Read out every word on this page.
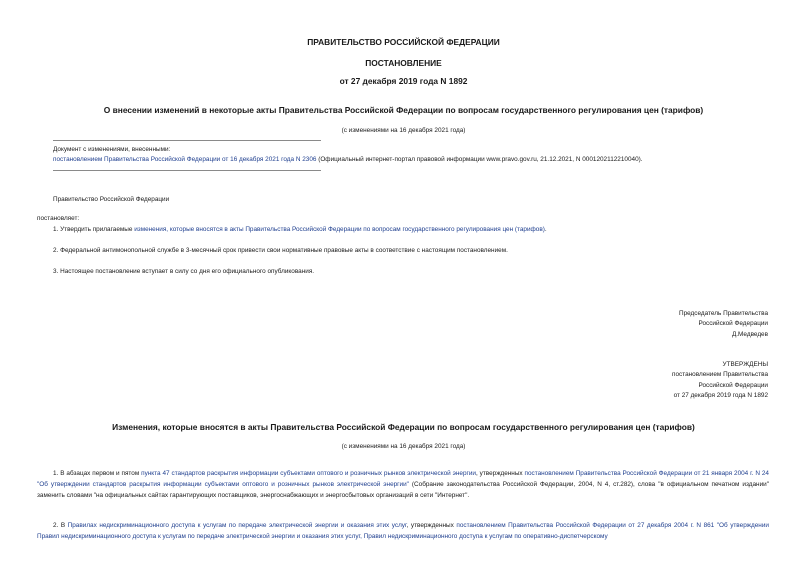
ПРАВИТЕЛЬСТВО РОССИЙСКОЙ ФЕДЕРАЦИИ
ПОСТАНОВЛЕНИЕ
от 27 декабря 2019 года N 1892
О внесении изменений в некоторые акты Правительства Российской Федерации по вопросам государственного регулирования цен (тарифов)
(с изменениями на 16 декабря 2021 года)
Документ с изменениями, внесенными:
постановлением Правительства Российской Федерации от 16 декабря 2021 года N 2306 (Официальный интернет-портал правовой информации www.pravo.gov.ru, 21.12.2021, N 0001202112210040).
Правительство Российской Федерации
постановляет:
1. Утвердить прилагаемые изменения, которые вносятся в акты Правительства Российской Федерации по вопросам государственного регулирования цен (тарифов).
2. Федеральной антимонопольной службе в 3-месячный срок привести свои нормативные правовые акты в соответствие с настоящим постановлением.
3. Настоящее постановление вступает в силу со дня его официального опубликования.
Председатель Правительства
Российской Федерации
Д.Медведев
УТВЕРЖДЕНЫ
постановлением Правительства
Российской Федерации
от 27 декабря 2019 года N 1892
Изменения, которые вносятся в акты Правительства Российской Федерации по вопросам государственного регулирования цен (тарифов)
(с изменениями на 16 декабря 2021 года)
1. В абзацах первом и пятом пункта 47 стандартов раскрытия информации субъектами оптового и розничных рынков электрической энергии, утвержденных постановлением Правительства Российской Федерации от 21 января 2004 г. N 24 "Об утверждении стандартов раскрытия информации субъектами оптового и розничных рынков электрической энергии" (Собрание законодательства Российской Федерации, 2004, N 4, ст.282), слова "в официальном печатном издании" заменить словами "на официальных сайтах гарантирующих поставщиков, энергоснабжающих и энергосбытовых организаций в сети "Интернет".
2. В Правилах недискриминационного доступа к услугам по передаче электрической энергии и оказания этих услуг, утвержденных постановлением Правительства Российской Федерации от 27 декабря 2004 г. N 861 "Об утверждении Правил недискриминационного доступа к услугам по передаче электрической энергии и оказания этих услуг, Правил недискриминационного доступа к услугам по оперативно-диспетчерскому
